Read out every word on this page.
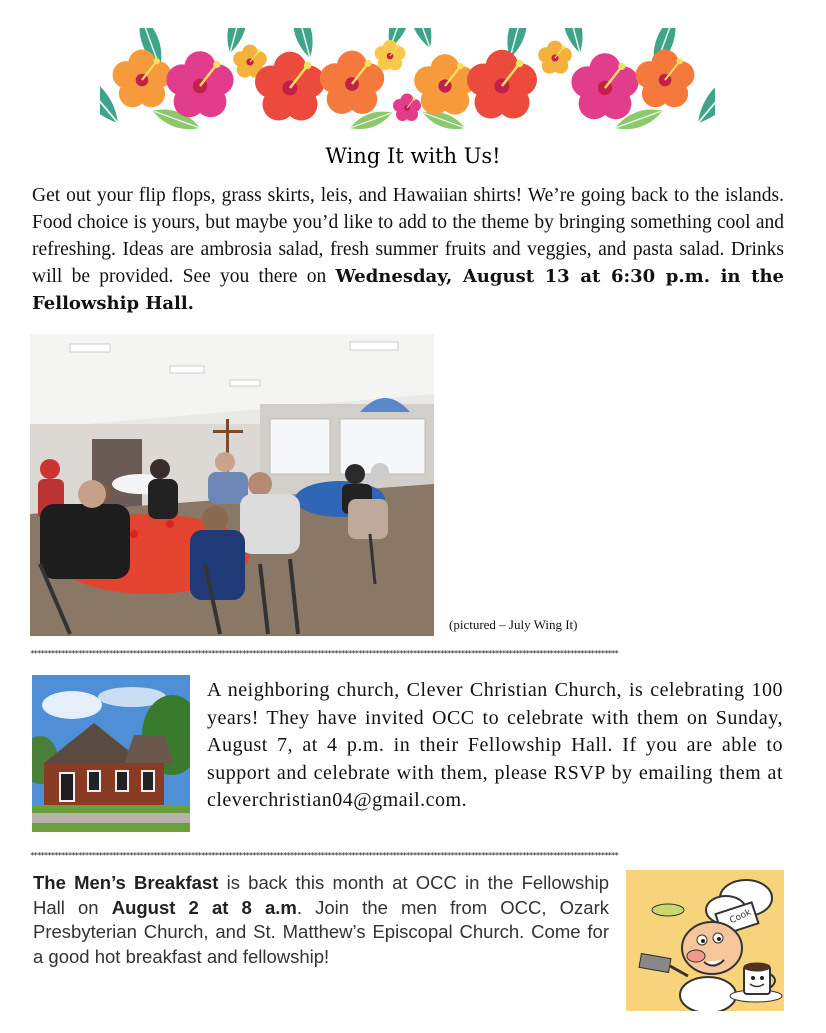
Wing It with Us!
Get out your flip flops, grass skirts, leis, and Hawaiian shirts! We’re going back to the islands. Food choice is yours, but maybe you’d like to add to the theme by bringing something cool and refreshing. Ideas are ambrosia salad, fresh summer fruits and veggies, and pasta salad. Drinks will be provided. See you there on Wednesday, August 13 at 6:30 p.m. in the Fellowship Hall.
(pictured – July Wing It)
****************************************************************************************************************************************************************************
A neighboring church, Clever Christian Church, is celebrating 100 years! They have invited OCC to celebrate with them on Sunday, August 7, at 4 p.m. in their Fellowship Hall. If you are able to support and celebrate with them, please RSVP by emailing them at cleverchristian04@gmail.com.
****************************************************************************************************************************************************************************
The Men’s Breakfast is back this month at OCC in the Fellowship Hall on August 2 at 8 a.m. Join the men from OCC, Ozark Presbyterian Church, and St. Matthew’s Episcopal Church. Come for a good hot breakfast and fellowship!
Cook
